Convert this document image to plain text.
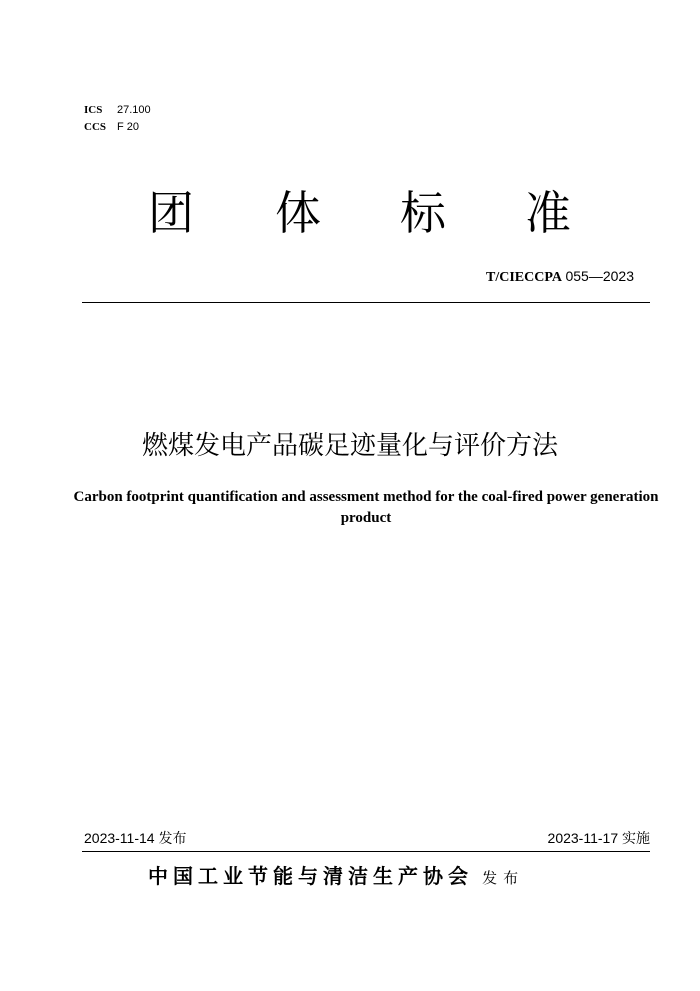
ICS 27.100
CCS F 20
团 体 标 准
T/CIECCPA 055—2023
燃煤发电产品碳足迹量化与评价方法
Carbon footprint quantification and assessment method for the coal-fired power generation product
2023-11-14 发布	2023-11-17 实施
中国工业节能与清洁生产协会 发布
